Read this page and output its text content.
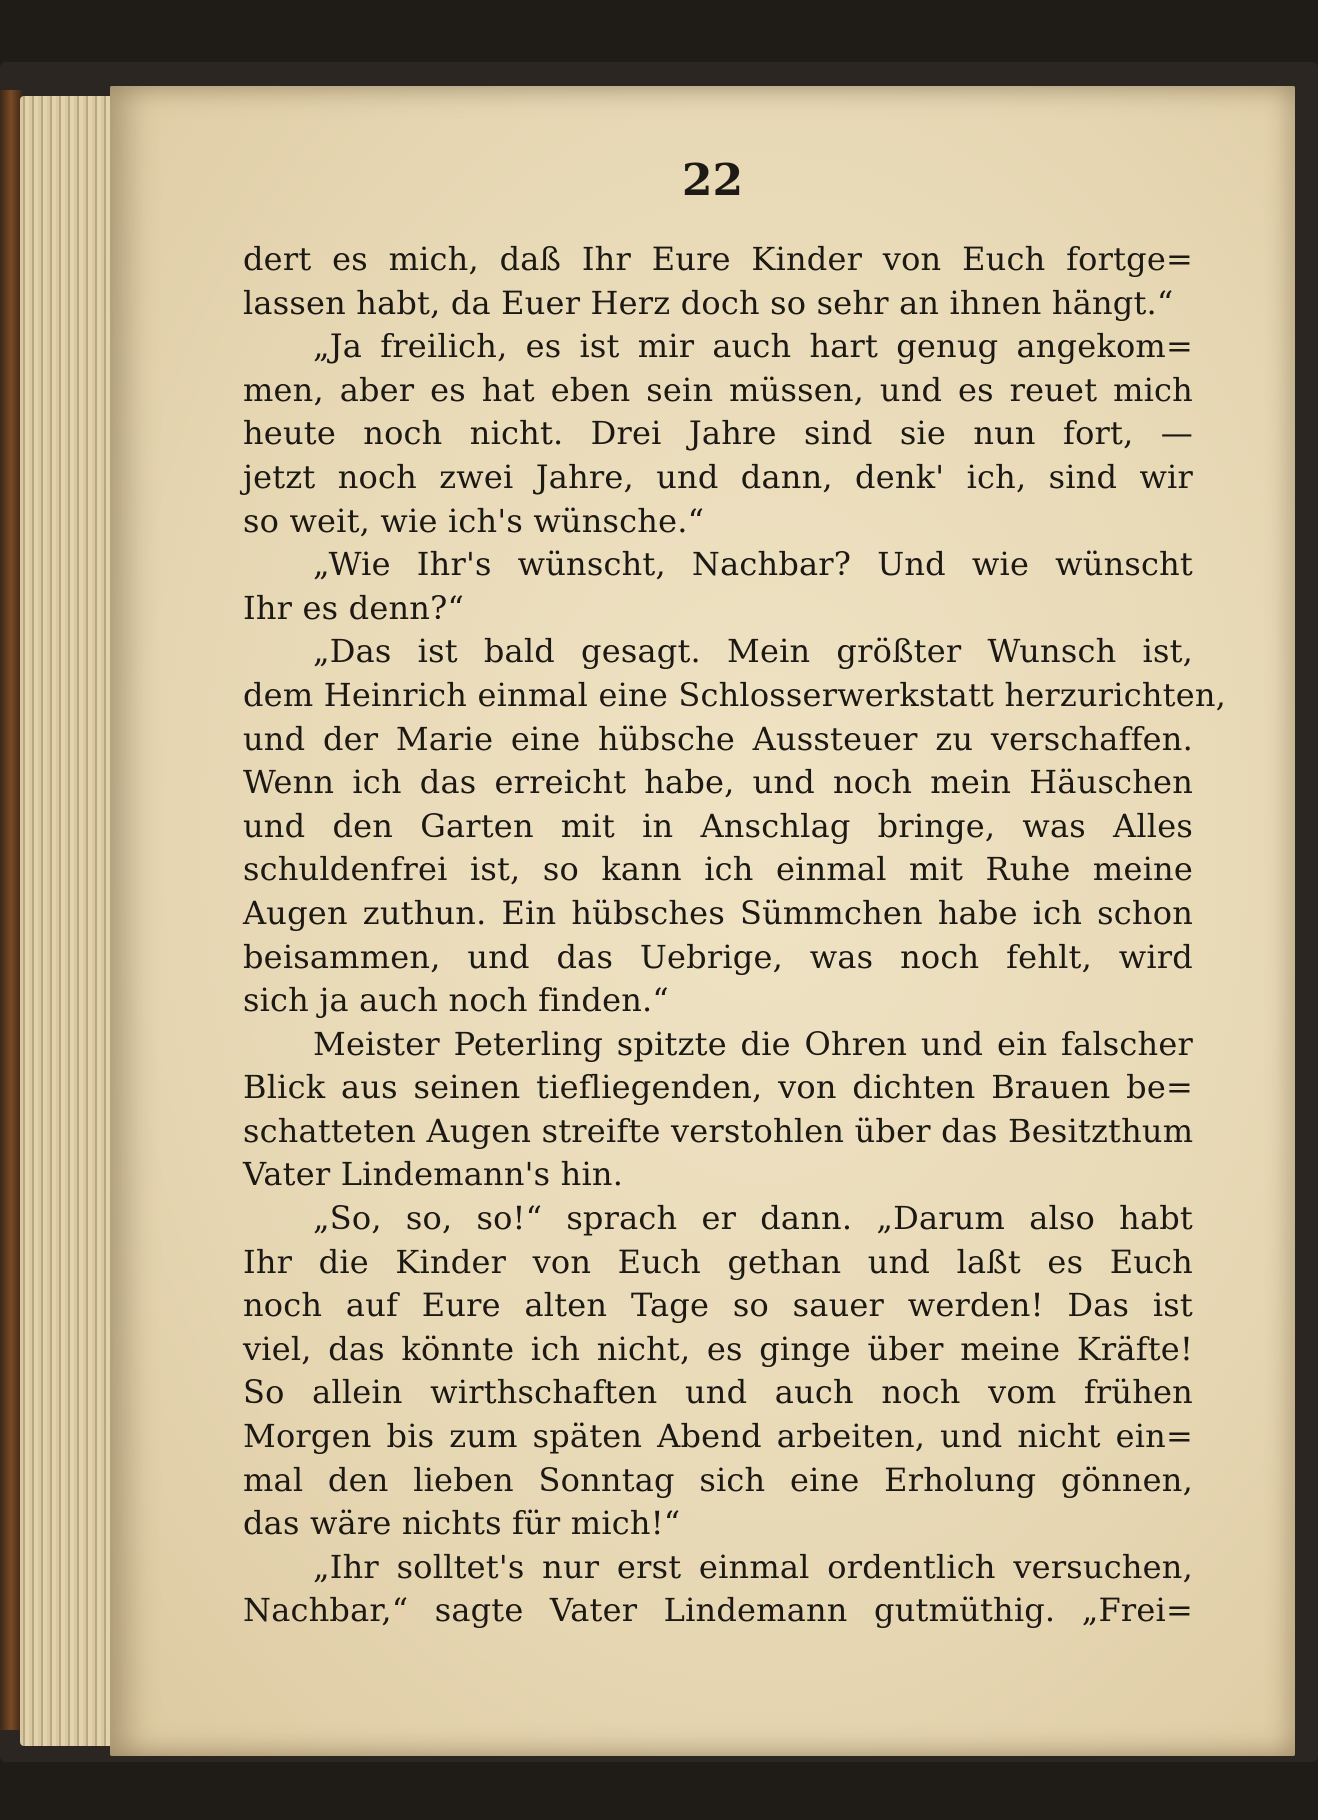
22
dert es mich, daß Ihr Eure Kinder von Euch fortge=
lassen habt, da Euer Herz doch so sehr an ihnen hängt.“
„Ja freilich, es ist mir auch hart genug angekom=
men, aber es hat eben sein müssen, und es reuet mich
heute noch nicht. Drei Jahre sind sie nun fort, —
jetzt noch zwei Jahre, und dann, denk' ich, sind wir
so weit, wie ich's wünsche.“
„Wie Ihr's wünscht, Nachbar? Und wie wünscht
Ihr es denn?“
„Das ist bald gesagt. Mein größter Wunsch ist,
dem Heinrich einmal eine Schlosserwerkstatt herzurichten,
und der Marie eine hübsche Aussteuer zu verschaffen.
Wenn ich das erreicht habe, und noch mein Häuschen
und den Garten mit in Anschlag bringe, was Alles
schuldenfrei ist, so kann ich einmal mit Ruhe meine
Augen zuthun. Ein hübsches Sümmchen habe ich schon
beisammen, und das Uebrige, was noch fehlt, wird
sich ja auch noch finden.“
Meister Peterling spitzte die Ohren und ein falscher
Blick aus seinen tiefliegenden, von dichten Brauen be=
schatteten Augen streifte verstohlen über das Besitzthum
Vater Lindemann's hin.
„So, so, so!“ sprach er dann. „Darum also habt
Ihr die Kinder von Euch gethan und laßt es Euch
noch auf Eure alten Tage so sauer werden! Das ist
viel, das könnte ich nicht, es ginge über meine Kräfte!
So allein wirthschaften und auch noch vom frühen
Morgen bis zum späten Abend arbeiten, und nicht ein=
mal den lieben Sonntag sich eine Erholung gönnen,
das wäre nichts für mich!“
„Ihr solltet's nur erst einmal ordentlich versuchen,
Nachbar,“ sagte Vater Lindemann gutmüthig. „Frei=
